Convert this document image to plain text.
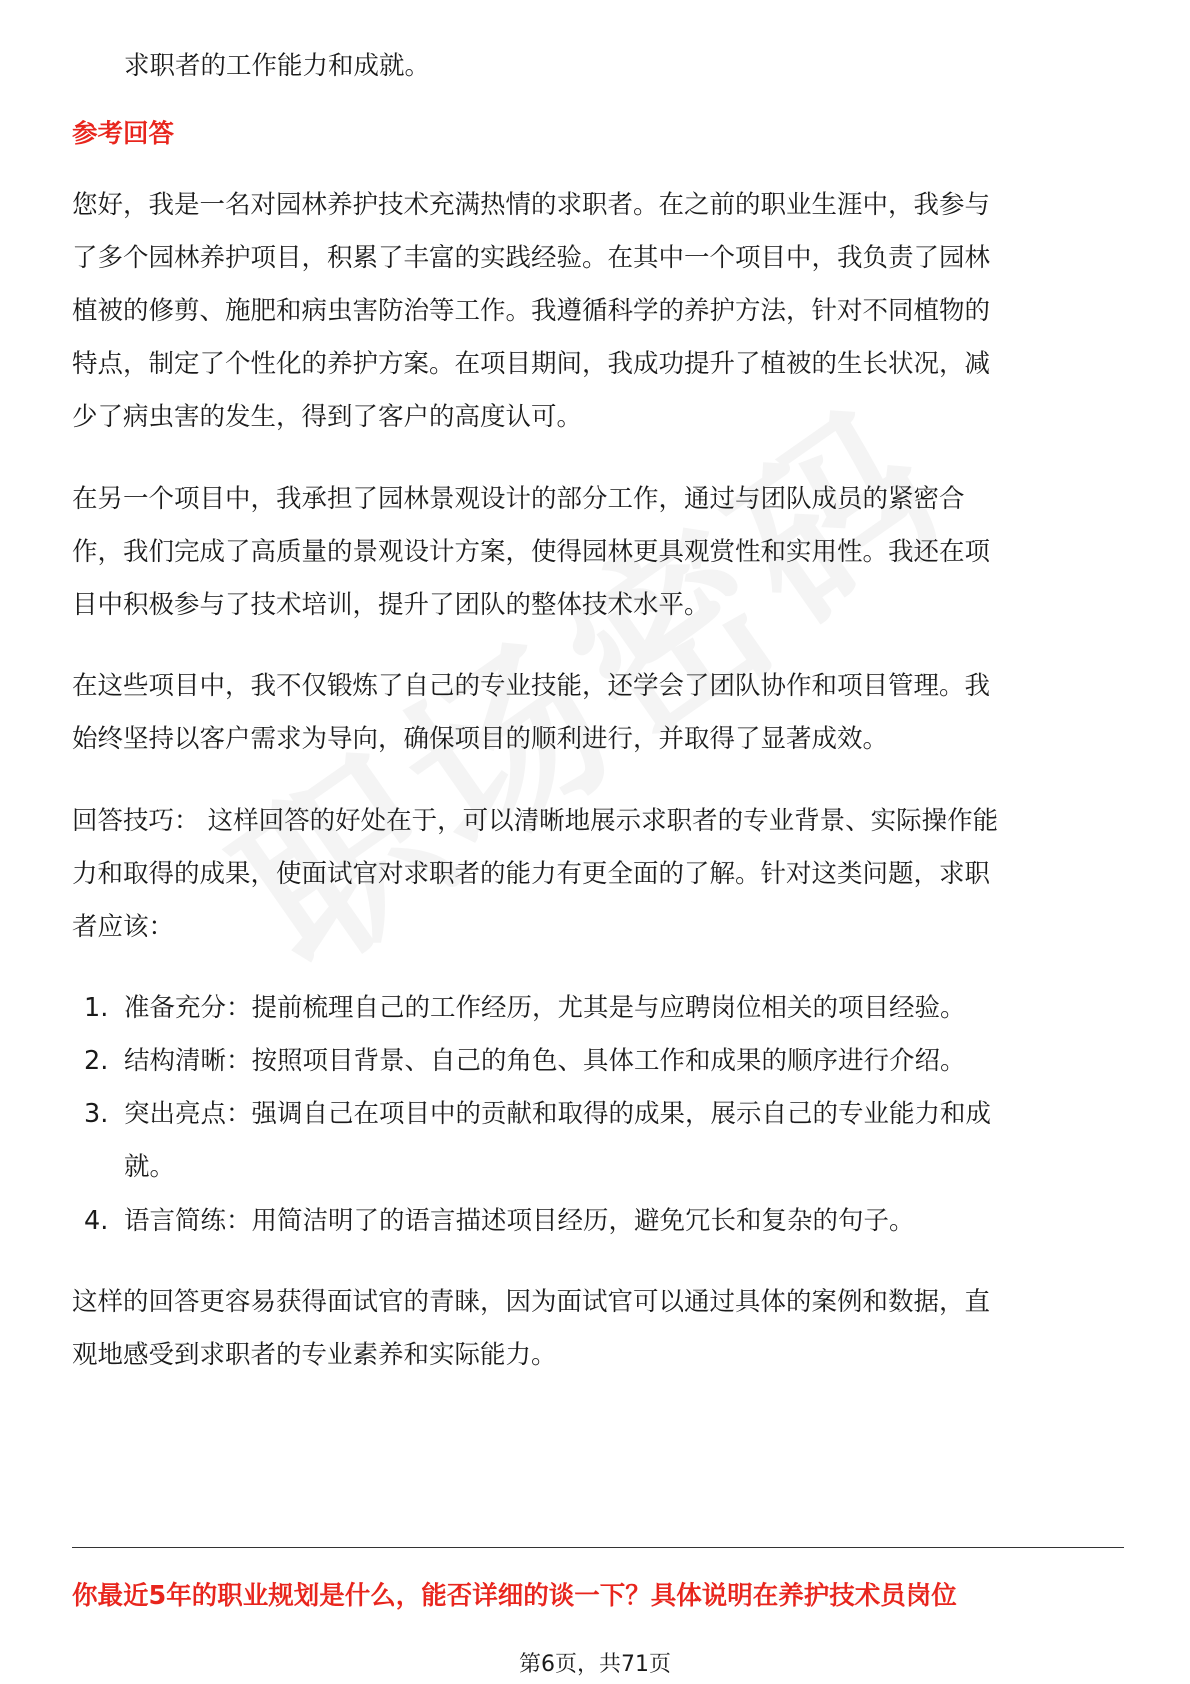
求职者的工作能力和成就。
参考回答
您好，我是一名对园林养护技术充满热情的求职者。在之前的职业生涯中，我参与
了多个园林养护项目，积累了丰富的实践经验。在其中一个项目中，我负责了园林
植被的修剪、施肥和病虫害防治等工作。我遵循科学的养护方法，针对不同植物的
特点，制定了个性化的养护方案。在项目期间，我成功提升了植被的生长状况，减
少了病虫害的发生，得到了客户的高度认可。
在另一个项目中，我承担了园林景观设计的部分工作，通过与团队成员的紧密合
作，我们完成了高质量的景观设计方案，使得园林更具观赏性和实用性。我还在项
目中积极参与了技术培训，提升了团队的整体技术水平。
在这些项目中，我不仅锻炼了自己的专业技能，还学会了团队协作和项目管理。我
始终坚持以客户需求为导向，确保项目的顺利进行，并取得了显著成效。
回答技巧： 这样回答的好处在于，可以清晰地展示求职者的专业背景、实际操作能
力和取得的成果，使面试官对求职者的能力有更全面的了解。针对这类问题，求职
者应该：
1. 准备充分：提前梳理自己的工作经历，尤其是与应聘岗位相关的项目经验。
2. 结构清晰：按照项目背景、自己的角色、具体工作和成果的顺序进行介绍。
3. 突出亮点：强调自己在项目中的贡献和取得的成果，展示自己的专业能力和成
就。
4. 语言简练：用简洁明了的语言描述项目经历，避免冗长和复杂的句子。
这样的回答更容易获得面试官的青睐，因为面试官可以通过具体的案例和数据，直
观地感受到求职者的专业素养和实际能力。
你最近5年的职业规划是什么，能否详细的谈一下？具体说明在养护技术员岗位
第6页，共71页
